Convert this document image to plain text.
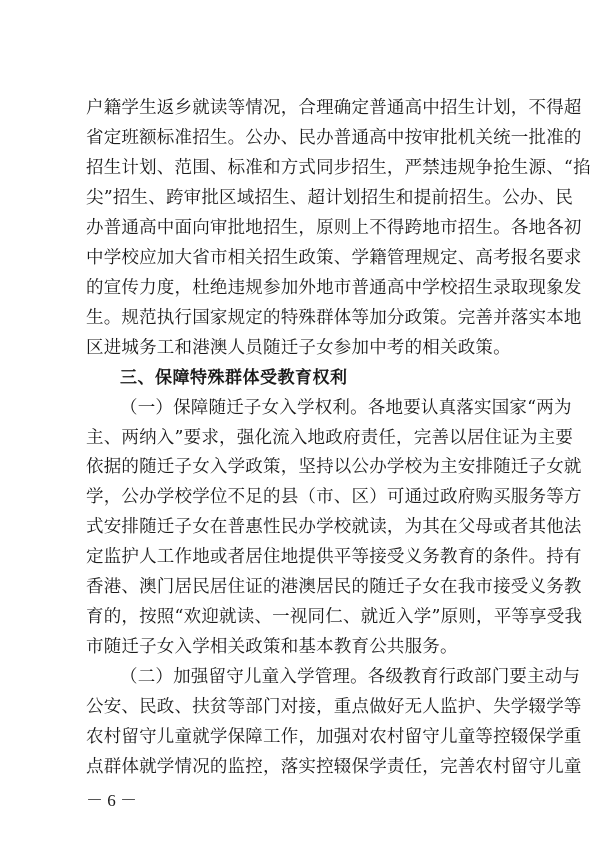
户籍学生返乡就读等情况，合理确定普通高中招生计划，不得超
省定班额标准招生。公办、民办普通高中按审批机关统一批准的
招生计划、范围、标准和方式同步招生，严禁违规争抢生源、“掐
尖”招生、跨审批区域招生、超计划招生和提前招生。公办、民
办普通高中面向审批地招生，原则上不得跨地市招生。各地各初
中学校应加大省市相关招生政策、学籍管理规定、高考报名要求
的宣传力度，杜绝违规参加外地市普通高中学校招生录取现象发
生。规范执行国家规定的特殊群体等加分政策。完善并落实本地
区进城务工和港澳人员随迁子女参加中考的相关政策。
三、保障特殊群体受教育权利
（一）保障随迁子女入学权利。各地要认真落实国家“两为
主、两纳入”要求，强化流入地政府责任，完善以居住证为主要
依据的随迁子女入学政策，坚持以公办学校为主安排随迁子女就
学，公办学校学位不足的县（市、区）可通过政府购买服务等方
式安排随迁子女在普惠性民办学校就读，为其在父母或者其他法
定监护人工作地或者居住地提供平等接受义务教育的条件。持有
香港、澳门居民居住证的港澳居民的随迁子女在我市接受义务教
育的，按照“欢迎就读、一视同仁、就近入学”原则，平等享受我
市随迁子女入学相关政策和基本教育公共服务。
（二）加强留守儿童入学管理。各级教育行政部门要主动与
公安、民政、扶贫等部门对接，重点做好无人监护、失学辍学等
农村留守儿童就学保障工作，加强对农村留守儿童等控辍保学重
点群体就学情况的监控，落实控辍保学责任，完善农村留守儿童
－ 6 －
